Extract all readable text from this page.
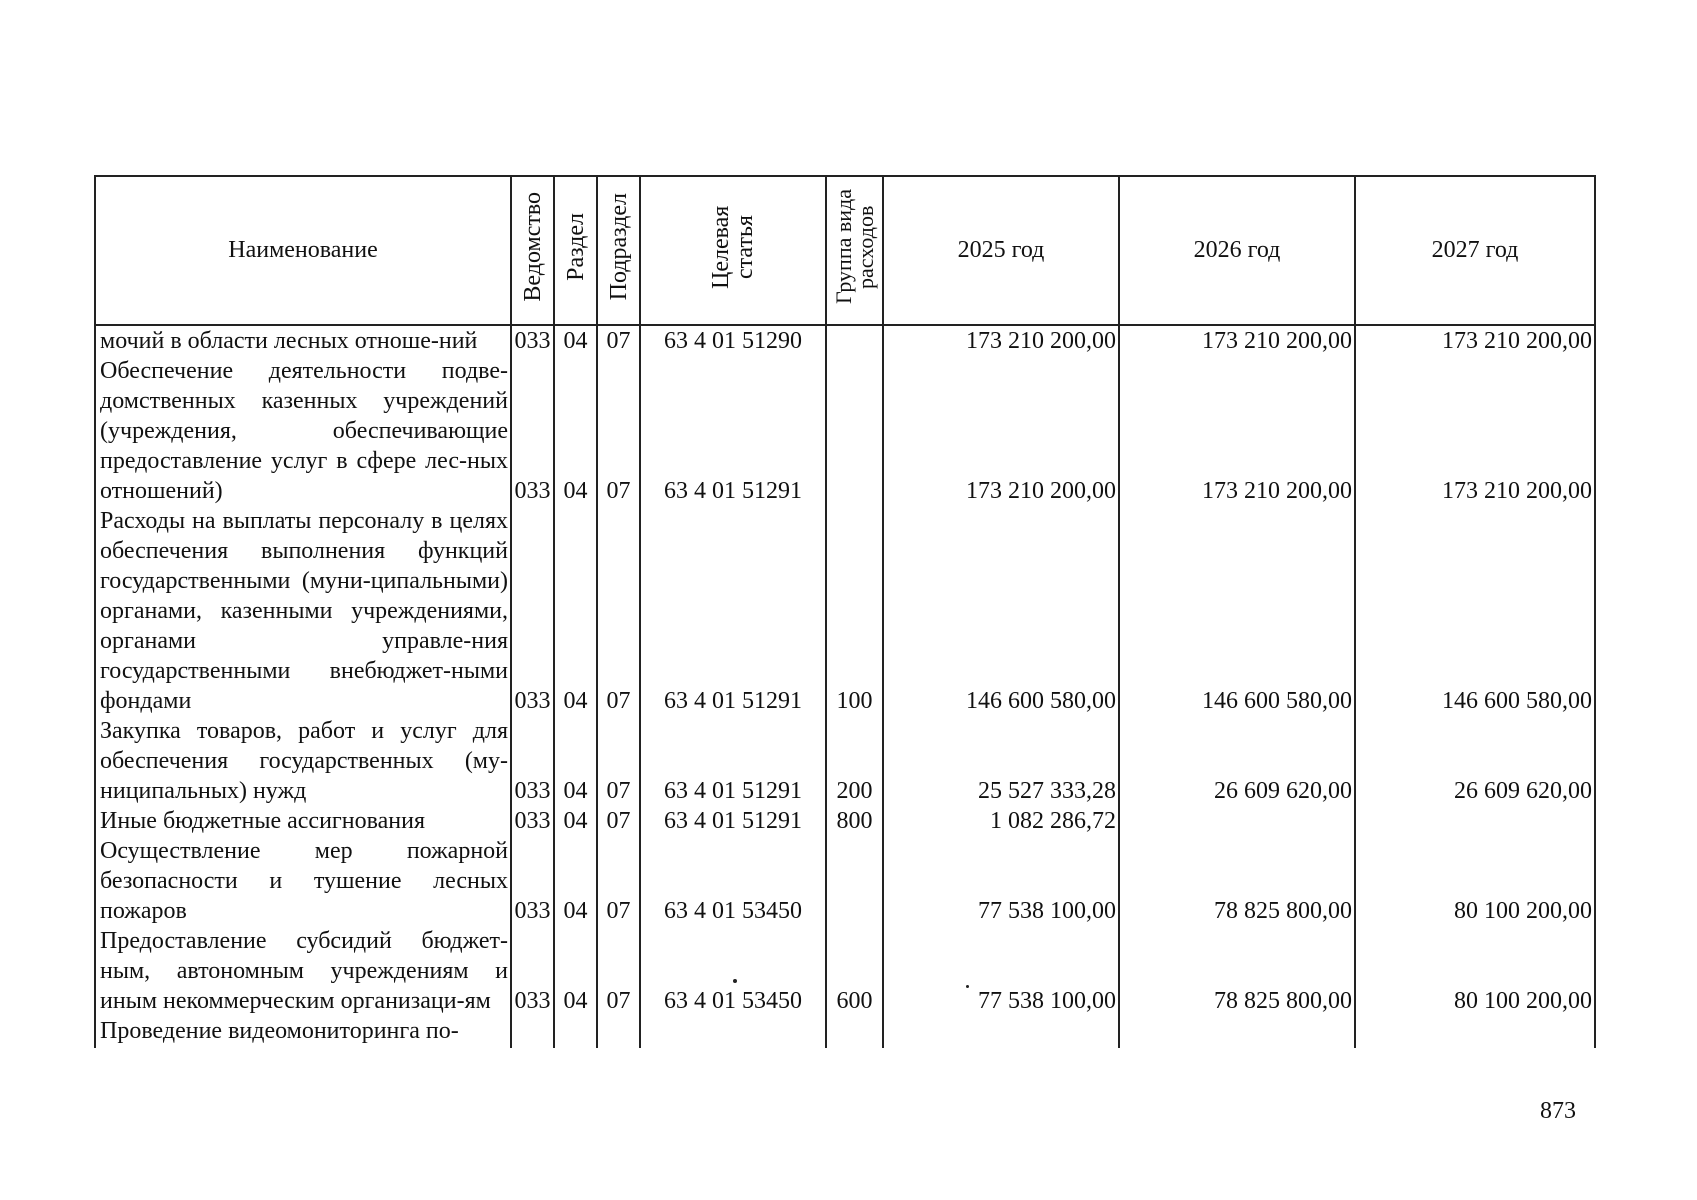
Наименование	Ведомство	Раздел	Подраздел	Целевая статья	Группа вида расходов	2025 год	2026 год	2027 год
мочий в области лесных отноше-ний	033	04	07	63 4 01 51290		173 210 200,00	173 210 200,00	173 210 200,00
Обеспечение деятельности подве-домственных казенных учреждений (учреждения, обеспечивающие предоставление услуг в сфере лес-ных отношений)	033	04	07	63 4 01 51291		173 210 200,00	173 210 200,00	173 210 200,00
Расходы на выплаты персоналу в целях обеспечения выполнения функций государственными (муни-ципальными) органами, казенными учреждениями, органами управле-ния государственными внебюджет-ными фондами	033	04	07	63 4 01 51291	100	146 600 580,00	146 600 580,00	146 600 580,00
Закупка товаров, работ и услуг для обеспечения государственных (му-ниципальных) нужд	033	04	07	63 4 01 51291	200	25 527 333,28	26 609 620,00	26 609 620,00
Иные бюджетные ассигнования	033	04	07	63 4 01 51291	800	1 082 286,72		
Осуществление мер пожарной безопасности и тушение лесных пожаров	033	04	07	63 4 01 53450		77 538 100,00	78 825 800,00	80 100 200,00
Предоставление субсидий бюджет-ным, автономным учреждениям и иным некоммерческим организаци-ям	033	04	07	63 4 01 53450	600	77 538 100,00	78 825 800,00	80 100 200,00
Проведение видеомониторинга по-								
873
